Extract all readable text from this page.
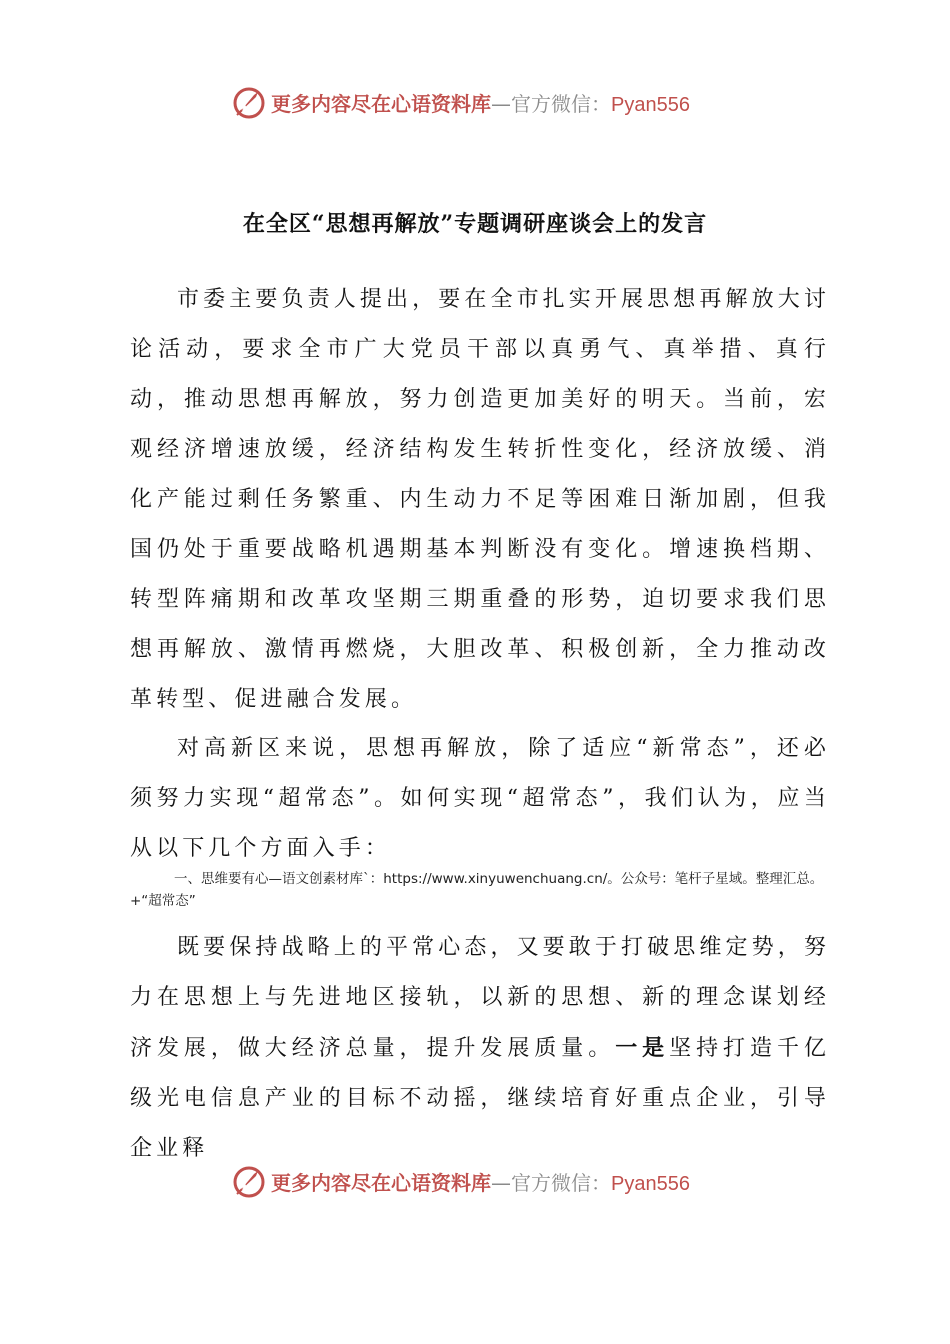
更多内容尽在心语资料库—官方微信：Pyan556
在全区“思想再解放”专题调研座谈会上的发言

市委主要负责人提出，要在全市扎实开展思想再解放大讨论活动，要求全市广大党员干部以真勇气、真举措、真行动，推动思想再解放，努力创造更加美好的明天。当前，宏观经济增速放缓，经济结构发生转折性变化，经济放缓、消化产能过剩任务繁重、内生动力不足等困难日渐加剧，但我国仍处于重要战略机遇期基本判断没有变化。增速换档期、转型阵痛期和改革攻坚期三期重叠的形势，迫切要求我们思想再解放、激情再燃烧，大胆改革、积极创新，全力推动改革转型、促进融合发展。

对高新区来说，思想再解放，除了适应“新常态”，还必须努力实现“超常态”。如何实现“超常态”，我们认为，应当从以下几个方面入手：

一、思维要有心—语文创素材库`：https://www.xinyuwenchuang.cn/。公众号：笔杆子星域。整理汇总。+“超常态”

既要保持战略上的平常心态，又要敢于打破思维定势，努力在思想上与先进地区接轨，以新的思想、新的理念谋划经济发展，做大经济总量，提升发展质量。一是坚持打造千亿级光电信息产业的目标不动摇，继续培育好重点企业，引导企业释

更多内容尽在心语资料库—官方微信：Pyan556
